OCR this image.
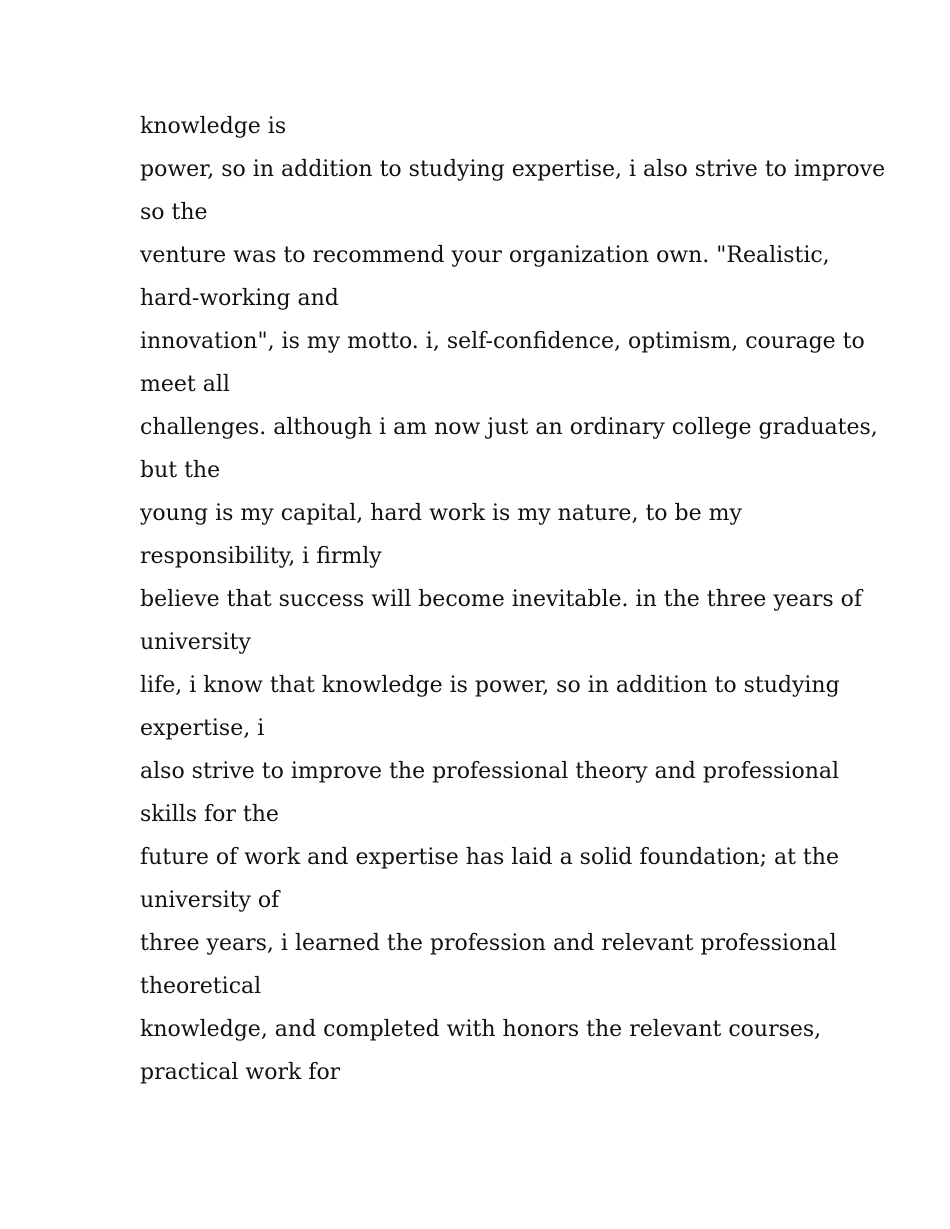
knowledge is
power, so in addition to studying expertise, i also strive to improve
so the
venture was to recommend your organization own. "Realistic,
hard-working and
innovation", is my motto. i, self-confidence, optimism, courage to
meet all
challenges. although i am now just an ordinary college graduates,
but the
young is my capital, hard work is my nature, to be my
responsibility, i firmly
believe that success will become inevitable. in the three years of
university
life, i know that knowledge is power, so in addition to studying
expertise, i
also strive to improve the professional theory and professional
skills for the
future of work and expertise has laid a solid foundation; at the
university of
three years, i learned the profession and relevant professional
theoretical
knowledge, and completed with honors the relevant courses,
practical work for
